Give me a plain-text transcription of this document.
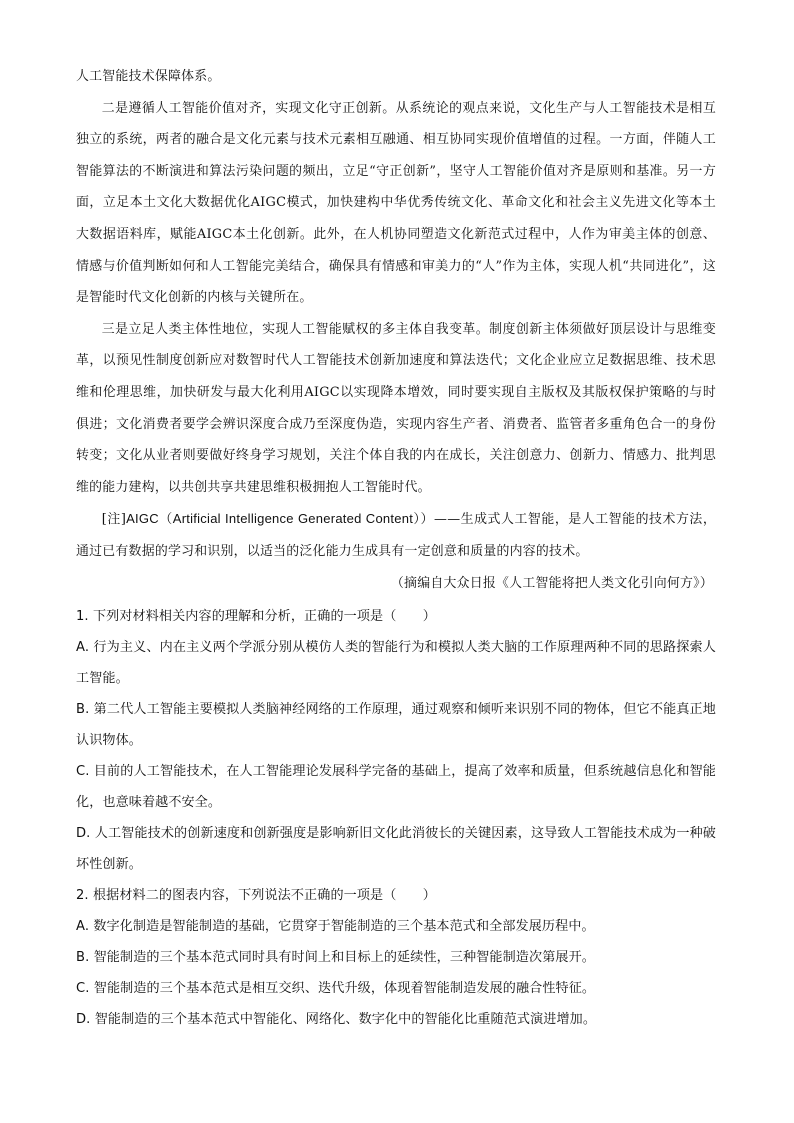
人工智能技术保障体系。

二是遵循人工智能价值对齐，实现文化守正创新。从系统论的观点来说，文化生产与人工智能技术是相互独立的系统，两者的融合是文化元素与技术元素相互融通、相互协同实现价值增值的过程。一方面，伴随人工智能算法的不断演进和算法污染问题的频出，立足“守正创新”，坚守人工智能价值对齐是原则和基准。另一方面，立足本土文化大数据优化AIGC模式，加快建构中华优秀传统文化、革命文化和社会主义先进文化等本土大数据语料库，赋能AIGC本土化创新。此外，在人机协同塑造文化新范式过程中，人作为审美主体的创意、情感与价值判断如何和人工智能完美结合，确保具有情感和审美力的“人”作为主体，实现人机“共同进化”，这是智能时代文化创新的内核与关键所在。

三是立足人类主体性地位，实现人工智能赋权的多主体自我变革。制度创新主体须做好顶层设计与思维变革，以预见性制度创新应对数智时代人工智能技术创新加速度和算法迭代；文化企业应立足数据思维、技术思维和伦理思维，加快研发与最大化利用AIGC以实现降本增效，同时要实现自主版权及其版权保护策略的与时俱进；文化消费者要学会辨识深度合成乃至深度伪造，实现内容生产者、消费者、监管者多重角色合一的身份转变；文化从业者则要做好终身学习规划，关注个体自我的内在成长，关注创意力、创新力、情感力、批判思维的能力建构，以共创共享共建思维积极拥抱人工智能时代。

[注]AIGC（Artificial Intelligence Generated Content））——生成式人工智能，是人工智能的技术方法，通过已有数据的学习和识别，以适当的泛化能力生成具有一定创意和质量的内容的技术。

（摘编自大众日报《人工智能将把人类文化引向何方》）

1. 下列对材料相关内容的理解和分析，正确的一项是（　　）

A. 行为主义、内在主义两个学派分别从模仿人类的智能行为和模拟人类大脑的工作原理两种不同的思路探索人工智能。

B. 第二代人工智能主要模拟人类脑神经网络的工作原理，通过观察和倾听来识别不同的物体，但它不能真正地认识物体。

C. 目前的人工智能技术，在人工智能理论发展科学完备的基础上，提高了效率和质量，但系统越信息化和智能化，也意味着越不安全。

D. 人工智能技术的创新速度和创新强度是影响新旧文化此消彼长的关键因素，这导致人工智能技术成为一种破坏性创新。

2. 根据材料二的图表内容，下列说法不正确的一项是（　　）

A. 数字化制造是智能制造的基础，它贯穿于智能制造的三个基本范式和全部发展历程中。

B. 智能制造的三个基本范式同时具有时间上和目标上的延续性，三种智能制造次第展开。

C. 智能制造的三个基本范式是相互交织、迭代升级，体现着智能制造发展的融合性特征。

D. 智能制造的三个基本范式中智能化、网络化、数字化中的智能化比重随范式演进增加。
